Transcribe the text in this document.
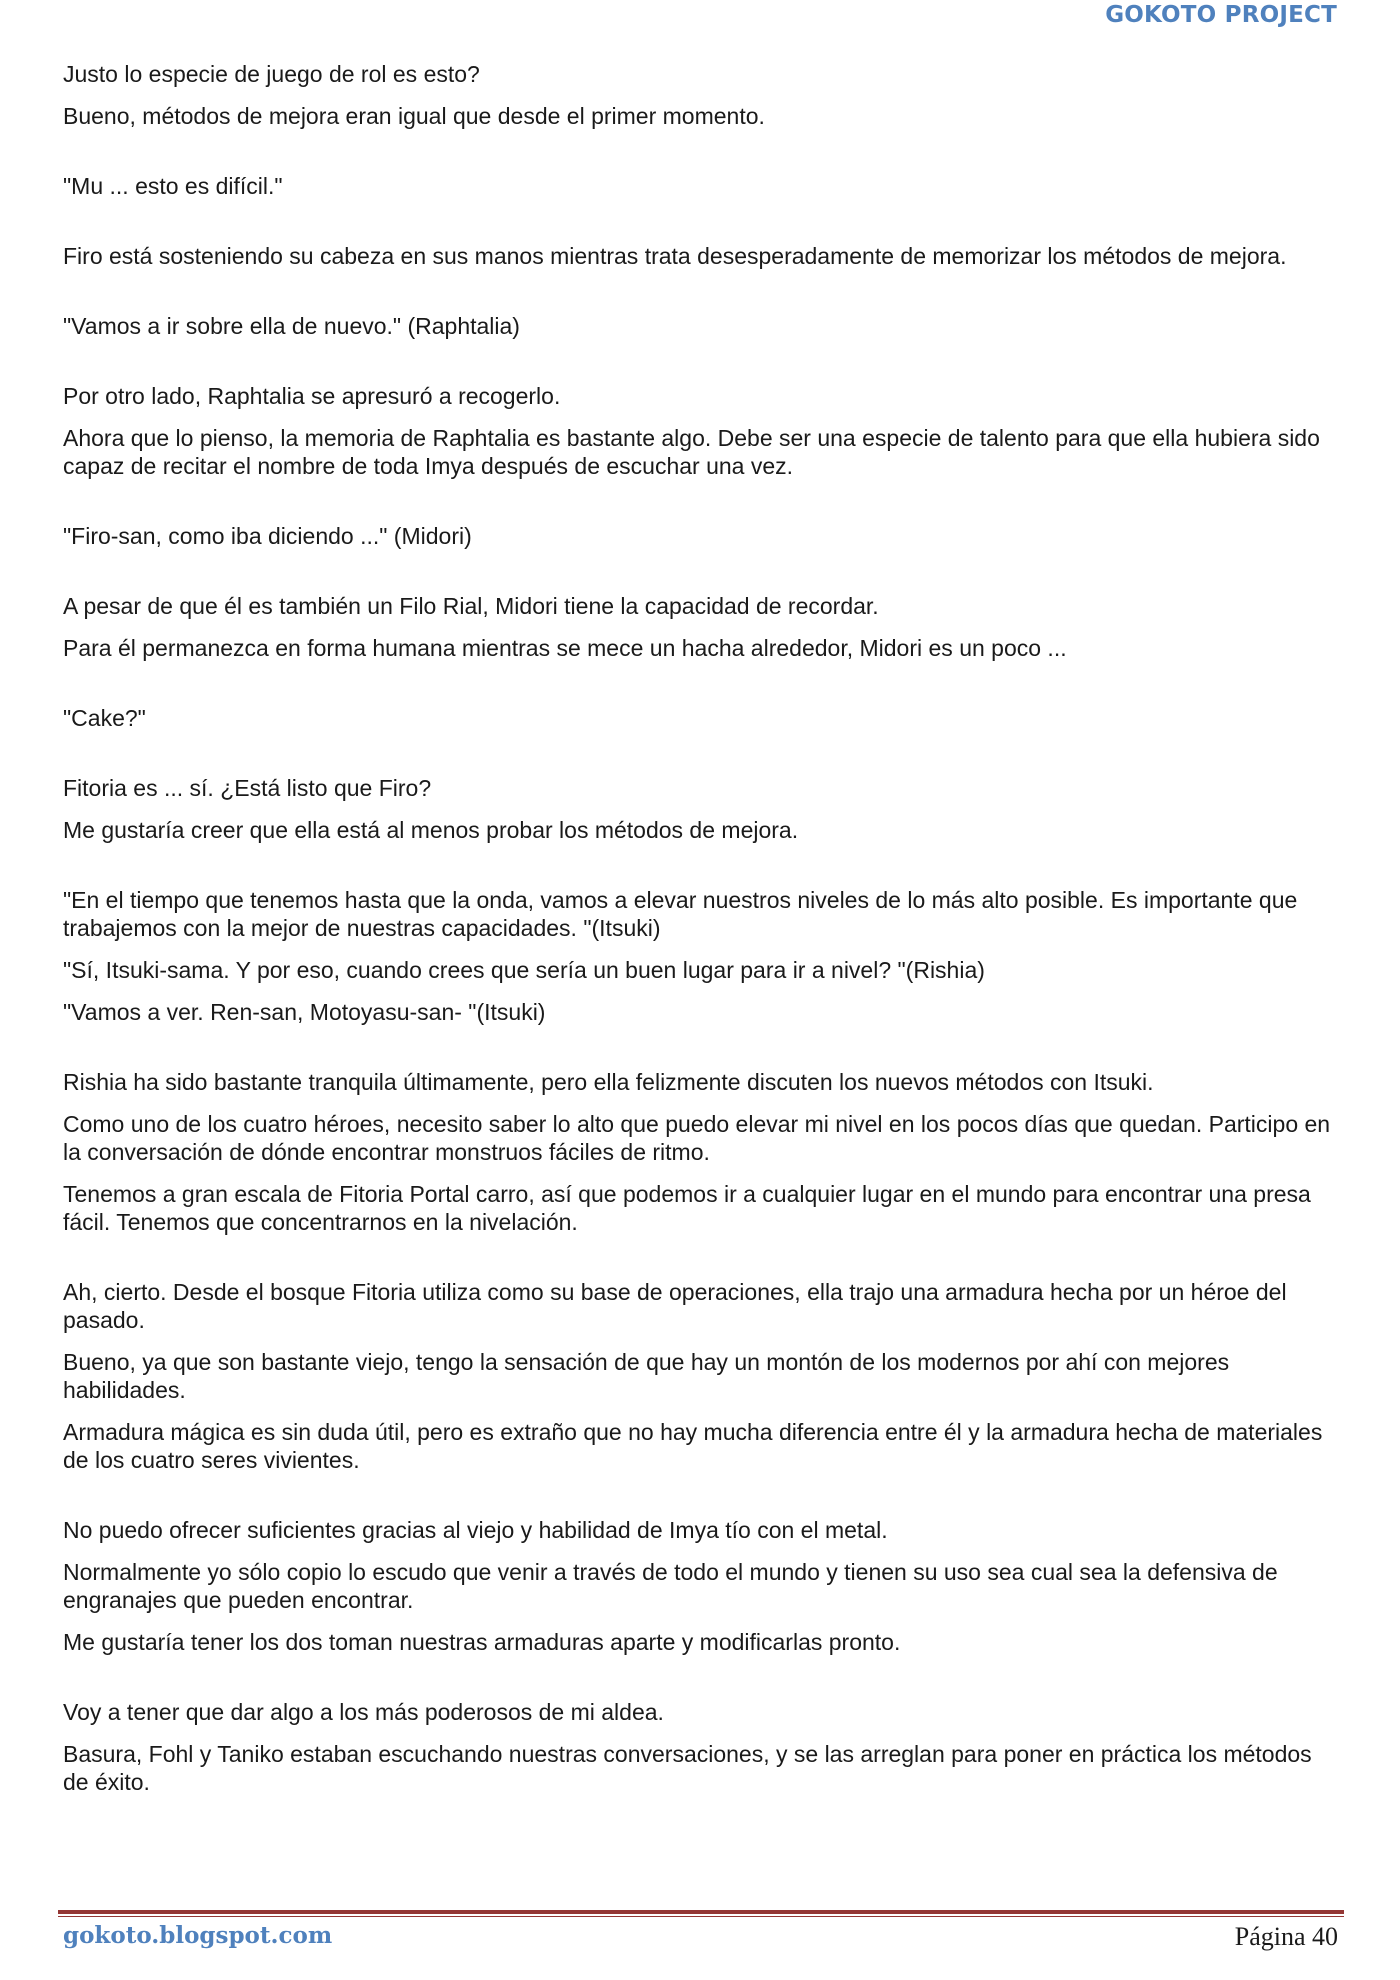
GOKOTO PROJECT

Justo lo especie de juego de rol es esto?

Bueno, métodos de mejora eran igual que desde el primer momento.

"Mu ... esto es difícil."

Firo está sosteniendo su cabeza en sus manos mientras trata desesperadamente de memorizar los métodos de mejora.

"Vamos a ir sobre ella de nuevo." (Raphtalia)

Por otro lado, Raphtalia se apresuró a recogerlo.

Ahora que lo pienso, la memoria de Raphtalia es bastante algo. Debe ser una especie de talento para que ella hubiera sido capaz de recitar el nombre de toda Imya después de escuchar una vez.

"Firo-san, como iba diciendo ..." (Midori)

A pesar de que él es también un Filo Rial, Midori tiene la capacidad de recordar.

Para él permanezca en forma humana mientras se mece un hacha alrededor, Midori es un poco ...

"Cake?"

Fitoria es ... sí. ¿Está listo que Firo?

Me gustaría creer que ella está al menos probar los métodos de mejora.

"En el tiempo que tenemos hasta que la onda, vamos a elevar nuestros niveles de lo más alto posible. Es importante que trabajemos con la mejor de nuestras capacidades. "(Itsuki)

"Sí, Itsuki-sama. Y por eso, cuando crees que sería un buen lugar para ir a nivel? "(Rishia)

"Vamos a ver. Ren-san, Motoyasu-san- "(Itsuki)

Rishia ha sido bastante tranquila últimamente, pero ella felizmente discuten los nuevos métodos con Itsuki.

Como uno de los cuatro héroes, necesito saber lo alto que puedo elevar mi nivel en los pocos días que quedan. Participo en la conversación de dónde encontrar monstruos fáciles de ritmo.

Tenemos a gran escala de Fitoria Portal carro, así que podemos ir a cualquier lugar en el mundo para encontrar una presa fácil. Tenemos que concentrarnos en la nivelación.

Ah, cierto. Desde el bosque Fitoria utiliza como su base de operaciones, ella trajo una armadura hecha por un héroe del pasado.

Bueno, ya que son bastante viejo, tengo la sensación de que hay un montón de los modernos por ahí con mejores habilidades.

Armadura mágica es sin duda útil, pero es extraño que no hay mucha diferencia entre él y la armadura hecha de materiales de los cuatro seres vivientes.

No puedo ofrecer suficientes gracias al viejo y habilidad de Imya tío con el metal.

Normalmente yo sólo copio lo escudo que venir a través de todo el mundo y tienen su uso sea cual sea la defensiva de engranajes que pueden encontrar.

Me gustaría tener los dos toman nuestras armaduras aparte y modificarlas pronto.

Voy a tener que dar algo a los más poderosos de mi aldea.

Basura, Fohl y Taniko estaban escuchando nuestras conversaciones, y se las arreglan para poner en práctica los métodos de éxito.

gokoto.blogspot.com	Página 40
